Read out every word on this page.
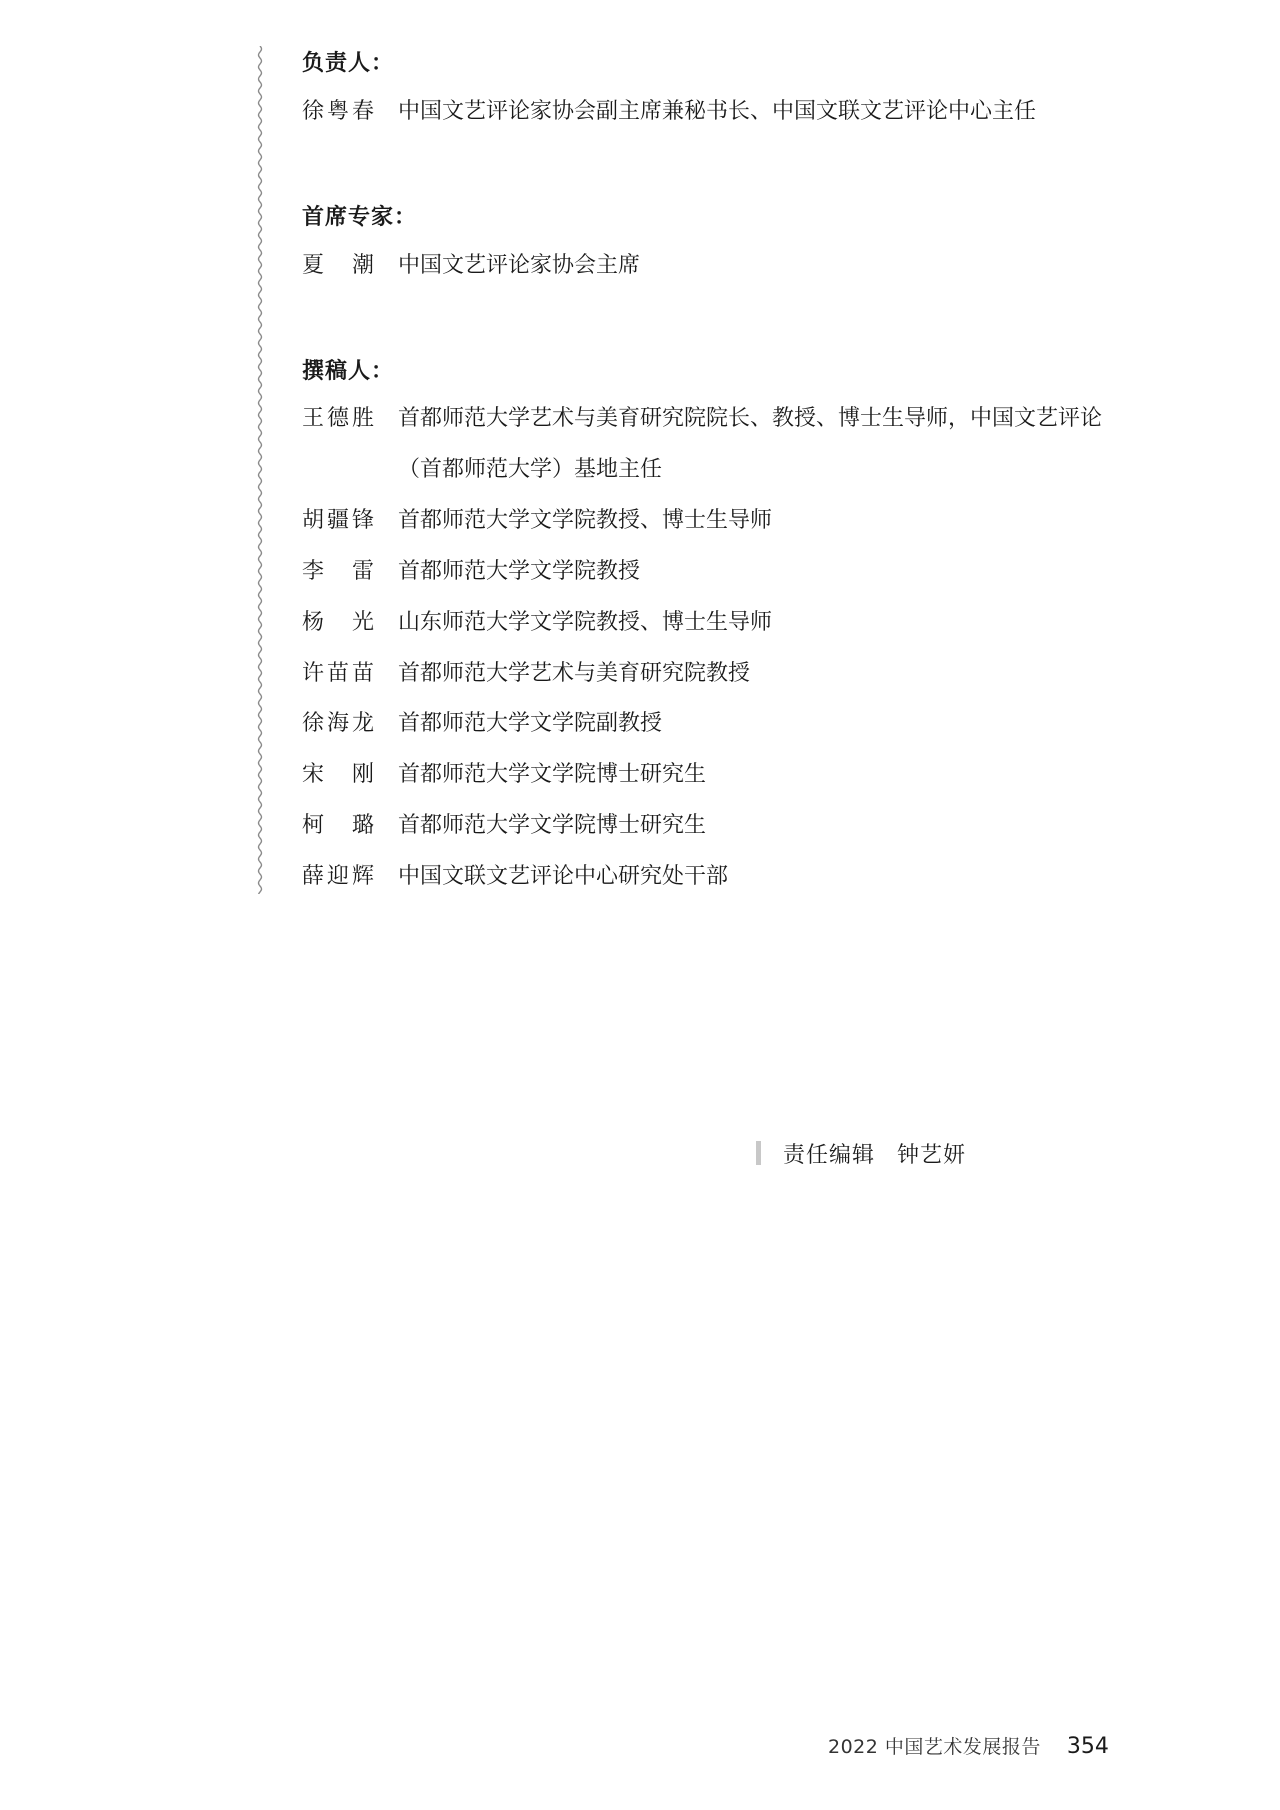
负责人：
徐粤春 中国文艺评论家协会副主席兼秘书长、中国文联文艺评论中心主任
首席专家：
夏潮 中国文艺评论家协会主席
撰稿人：
王德胜 首都师范大学艺术与美育研究院院长、教授、博士生导师，中国文艺评论（首都师范大学）基地主任
胡疆锋 首都师范大学文学院教授、博士生导师
李雷 首都师范大学文学院教授
杨光 山东师范大学文学院教授、博士生导师
许苗苗 首都师范大学艺术与美育研究院教授
徐海龙 首都师范大学文学院副教授
宋刚 首都师范大学文学院博士研究生
柯璐 首都师范大学文学院博士研究生
薛迎辉 中国文联文艺评论中心研究处干部
责任编辑 钟艺妍
2022 中国艺术发展报告 354
